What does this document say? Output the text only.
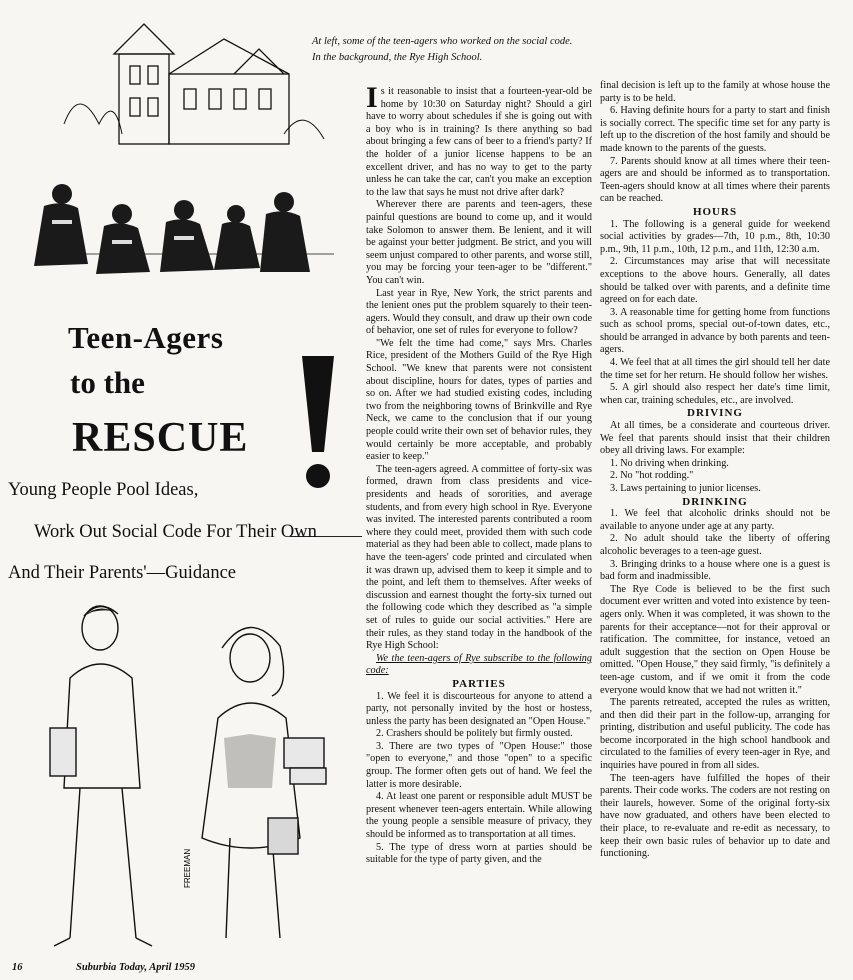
At left, some of the teen-agers who worked on the social code.
In the background, the Rye High School.
Teen-Agers
to the
RESCUE
Young People Pool Ideas,
Work Out Social Code For Their Own
And Their Parents'—Guidance
FREEMAN

Is it reasonable to insist that a fourteen-year-old be home by 10:30 on Saturday night? Should a girl have to worry about schedules if she is going out with a boy who is in training? Is there anything so bad about bringing a few cans of beer to a friend's party? If the holder of a junior license happens to be an excellent driver, and has no way to get to the party unless he can take the car, can't you make an exception to the law that says he must not drive after dark?

Wherever there are parents and teen-agers, these painful questions are bound to come up, and it would take Solomon to answer them. Be lenient, and it will be against your better judgment. Be strict, and you will seem unjust compared to other parents, and worse still, you may be forcing your teen-ager to be "different." You can't win.

Last year in Rye, New York, the strict parents and the lenient ones put the problem squarely to their teen-agers. Would they consult, and draw up their own code of behavior, one set of rules for everyone to follow?

"We felt the time had come," says Mrs. Charles Rice, president of the Mothers Guild of the Rye High School. "We knew that parents were not consistent about discipline, hours for dates, types of parties and so on. After we had studied existing codes, including two from the neighboring towns of Brinkville and Rye Neck, we came to the conclusion that if our young people could write their own set of behavior rules, they would certainly be more acceptable, and probably easier to keep."

The teen-agers agreed. A committee of forty-six was formed, drawn from class presidents and vice-presidents and heads of sororities, and average students, and from every high school in Rye. Everyone was invited. The interested parents contributed a room where they could meet, provided them with such code material as they had been able to collect, made plans to have the teen-agers' code printed and circulated when it was drawn up, advised them to keep it simple and to the point, and left them to themselves. After weeks of discussion and earnest thought the forty-six turned out the following code which they described as "a simple set of rules to guide our social activities." Here are their rules, as they stand today in the handbook of the Rye High School:

We the teen-agers of Rye subscribe to the following code:

PARTIES

1. We feel it is discourteous for anyone to attend a party, not personally invited by the host or hostess, unless the party has been designated an "Open House."

2. Crashers should be politely but firmly ousted.

3. There are two types of "Open House:" those "open to everyone," and those "open" to a specific group. The former often gets out of hand. We feel the latter is more desirable.

4. At least one parent or responsible adult MUST be present whenever teen-agers entertain. While allowing the young people a sensible measure of privacy, they should be informed as to transportation at all times.

5. The type of dress worn at parties should be suitable for the type of party given, and the

final decision is left up to the family at whose house the party is to be held.

6. Having definite hours for a party to start and finish is socially correct. The specific time set for any party is left up to the discretion of the host family and should be made known to the parents of the guests.

7. Parents should know at all times where their teen-agers are and should be informed as to transportation. Teen-agers should know at all times where their parents can be reached.

HOURS

1. The following is a general guide for weekend social activities by grades—7th, 10 p.m., 8th, 10:30 p.m., 9th, 11 p.m., 10th, 12 p.m., and 11th, 12:30 a.m.

2. Circumstances may arise that will necessitate exceptions to the above hours. Generally, all dates should be talked over with parents, and a definite time agreed on for each date.

3. A reasonable time for getting home from functions such as school proms, special out-of-town dates, etc., should be arranged in advance by both parents and teen-agers.

4. We feel that at all times the girl should tell her date the time set for her return. He should follow her wishes.

5. A girl should also respect her date's time limit, when car, training schedules, etc., are involved.

DRIVING

At all times, be a considerate and courteous driver. We feel that parents should insist that their children obey all driving laws. For example:

1. No driving when drinking.

2. No "hot rodding."

3. Laws pertaining to junior licenses.

DRINKING

1. We feel that alcoholic drinks should not be available to anyone under age at any party.

2. No adult should take the liberty of offering alcoholic beverages to a teen-age guest.

3. Bringing drinks to a house where one is a guest is bad form and inadmissible.

The Rye Code is believed to be the first such document ever written and voted into existence by teen-agers only. When it was completed, it was shown to the parents for their acceptance—not for their approval or ratification. The committee, for instance, vetoed an adult suggestion that the section on Open House be omitted. "Open House," they said firmly, "is definitely a teen-age custom, and if we omit it from the code everyone would know that we had not written it."

The parents retreated, accepted the rules as written, and then did their part in the follow-up, arranging for printing, distribution and useful publicity. The code has become incorporated in the high school handbook and circulated to the families of every teen-ager in Rye, and inquiries have poured in from all sides.

The teen-agers have fulfilled the hopes of their parents. Their code works. The coders are not resting on their laurels, however. Some of the original forty-six have now graduated, and others have been elected to their place, to re-evaluate and re-edit as necessary, to keep their own basic rules of behavior up to date and functioning.

16	Suburbia Today, April 1959
